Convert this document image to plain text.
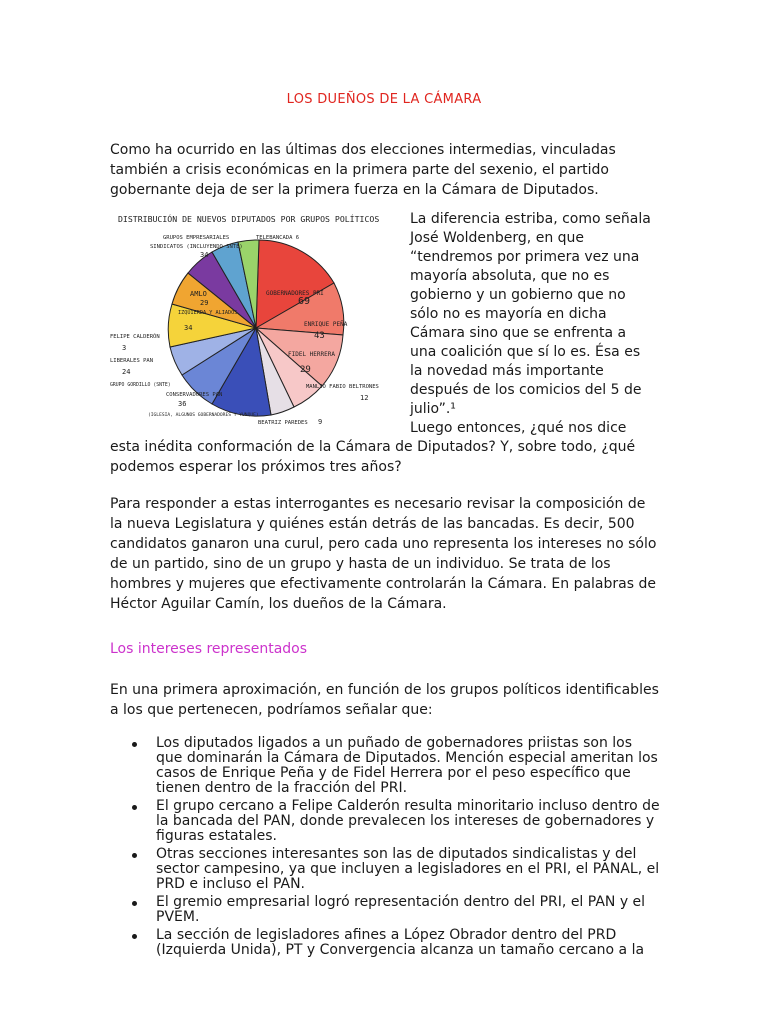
LOS DUEÑOS DE LA CÁMARA

Como ha ocurrido en las últimas dos elecciones intermedias, vinculadas también a crisis económicas en la primera parte del sexenio, el partido gobernante deja de ser la primera fuerza en la Cámara de Diputados.

DISTRIBUCIÓN DE NUEVOS DIPUTADOS POR GRUPOS POLÍTICOS
GRUPOS EMPRESARIALES	TELEBANCADA 6
SINDICATOS (INCLUYENDO SNTE)
34
AMLO
29
IZQUIERDA Y ALIADOS
34
GOBERNADORES PRI
69
ENRIQUE PEÑA
43
FIDEL HERRERA
29
FELIPE CALDERÓN
3
LIBERALES PAN
24
GRUPO GORDILLO (SNTE)
CONSERVADORES PAN
36
(IGLESIA, ALGUNOS GOBERNADORES Y YUNQUE)
MANLIO FABIO BELTRONES
12
BEATRIZ PAREDES 9

La diferencia estriba, como señala
José Woldenberg, en que
“tendremos por primera vez una
mayoría absoluta, que no es
gobierno y un gobierno que no
sólo no es mayoría en dicha
Cámara sino que se enfrenta a
una coalición que sí lo es. Ésa es
la novedad más importante
después de los comicios del 5 de
julio”.¹
Luego entonces, ¿qué nos dice

esta inédita conformación de la Cámara de Diputados? Y, sobre todo, ¿qué podemos esperar los próximos tres años?

Para responder a estas interrogantes es necesario revisar la composición de la nueva Legislatura y quiénes están detrás de las bancadas. Es decir, 500 candidatos ganaron una curul, pero cada uno representa los intereses no sólo de un partido, sino de un grupo y hasta de un individuo. Se trata de los hombres y mujeres que efectivamente controlarán la Cámara. En palabras de Héctor Aguilar Camín, los dueños de la Cámara.

Los intereses representados

En una primera aproximación, en función de los grupos políticos identificables a los que pertenecen, podríamos señalar que:

Los diputados ligados a un puñado de gobernadores priistas son los que dominarán la Cámara de Diputados. Mención especial ameritan los casos de Enrique Peña y de Fidel Herrera por el peso específico que tienen dentro de la fracción del PRI.
El grupo cercano a Felipe Calderón resulta minoritario incluso dentro de la bancada del PAN, donde prevalecen los intereses de gobernadores y figuras estatales.
Otras secciones interesantes son las de diputados sindicalistas y del sector campesino, ya que incluyen a legisladores en el PRI, el PANAL, el PRD e incluso el PAN.
El gremio empresarial logró representación dentro del PRI, el PAN y el PVEM.
La sección de legisladores afines a López Obrador dentro del PRD (Izquierda Unida), PT y Convergencia alcanza un tamaño cercano a la
